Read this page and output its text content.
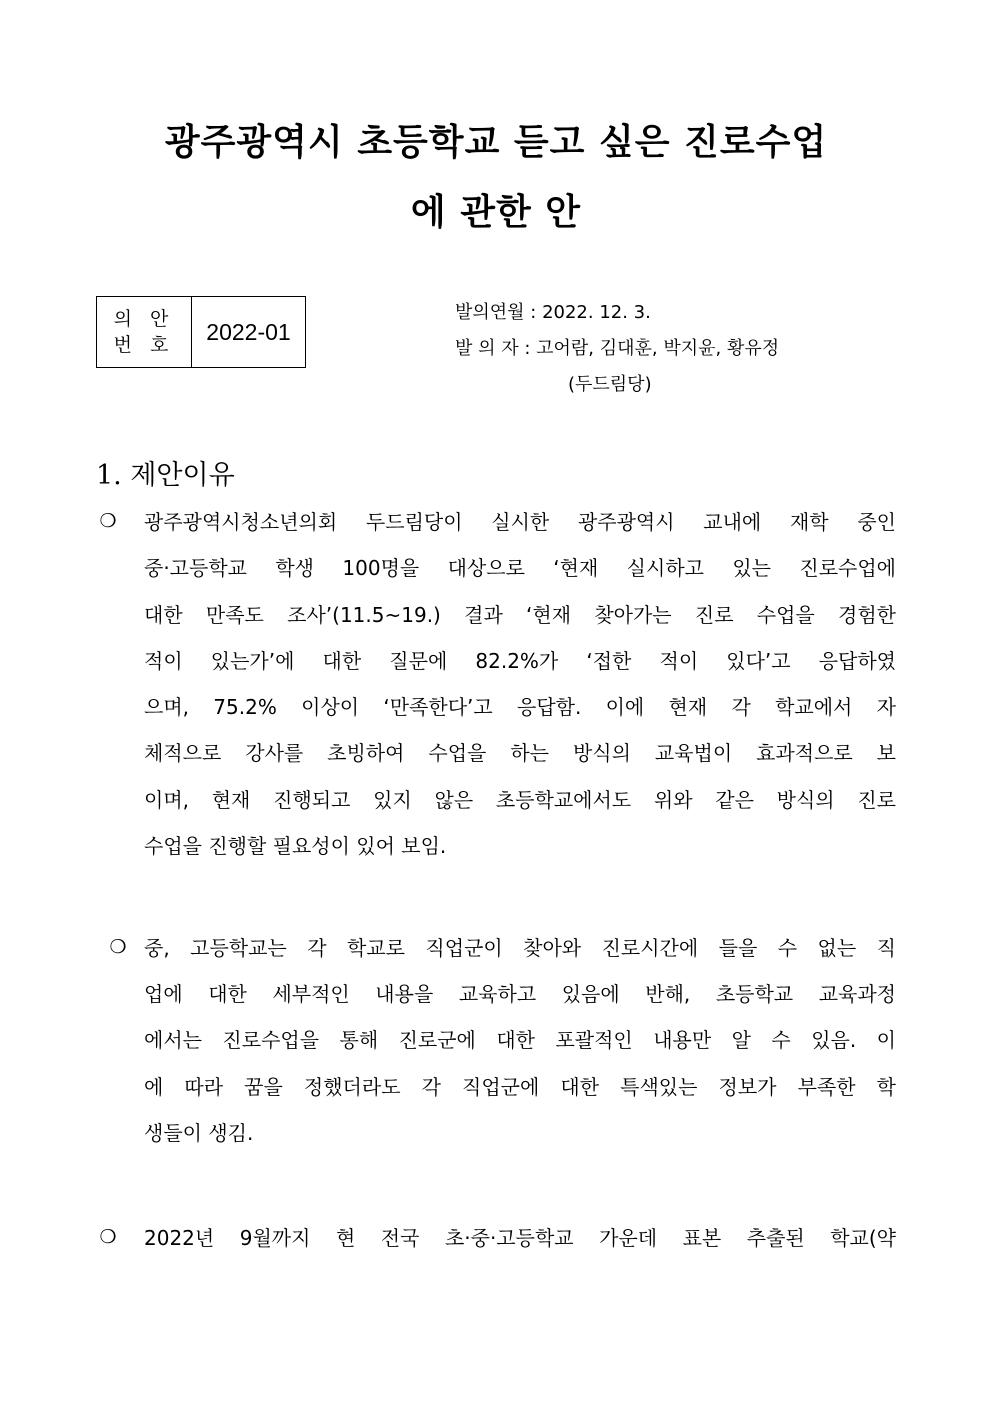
광주광역시 초등학교 듣고 싶은 진로수업
에 관한 안
의 안
번 호
2022-01
발의연월 : 2022. 12. 3.
발 의 자 : 고어람, 김대훈, 박지윤, 황유정
(두드림당)
1. 제안이유
❍ 광주광역시청소년의회 두드림당이 실시한 광주광역시 교내에 재학 중인
중·고등학교 학생 100명을 대상으로 ‘현재 실시하고 있는 진로수업에
대한 만족도 조사’(11.5~19.) 결과 ‘현재 찾아가는 진로 수업을 경험한
적이 있는가’에 대한 질문에 82.2%가 ‘접한 적이 있다’고 응답하였
으며, 75.2% 이상이 ‘만족한다’고 응답함. 이에 현재 각 학교에서 자
체적으로 강사를 초빙하여 수업을 하는 방식의 교육법이 효과적으로 보
이며, 현재 진행되고 있지 않은 초등학교에서도 위와 같은 방식의 진로
수업을 진행할 필요성이 있어 보임.

❍ 중, 고등학교는 각 학교로 직업군이 찾아와 진로시간에 들을 수 없는 직

업에 대한 세부적인 내용을 교육하고 있음에 반해, 초등학교 교육과정
에서는 진로수업을 통해 진로군에 대한 포괄적인 내용만 알 수 있음. 이
에 따라 꿈을 정했더라도 각 직업군에 대한 특색있는 정보가 부족한 학
생들이 생김.

❍ 2022년 9월까지 현 전국 초·중·고등학교 가운데 표본 추출된 학교(약
